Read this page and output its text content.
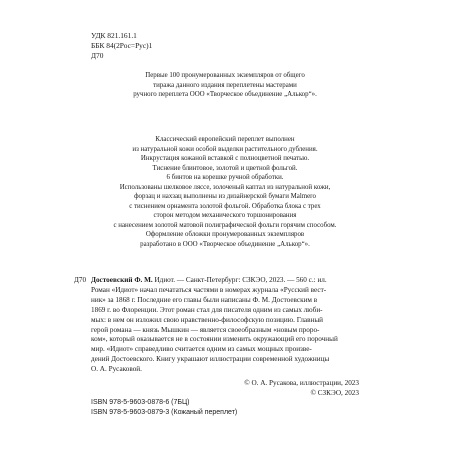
УДК 821.161.1
ББК 84(2Рос=Рус)1
Д70
Первые 100 пронумерованных экземпляров от общего
тиража данного издания переплетены мастерами
ручного переплета ООО «Творческое объединение „Алькор“».
Классический европейский переплет выполнен
из натуральной кожи особой выделки растительного дубления.
Инкрустация кожаной вставкой с полноцветной печатью.
Тиснение блинтовое, золотой и цветной фольгой.
6 бинтов на корешке ручной обработки.
Использованы шелковое ляссе, золоченый каптал из натуральной кожи,
форзац и нахзац выполнены из дизайнерской бумаги Malmero
с тиснением орнамента золотой фольгой. Обработка блока с трех
сторон методом механического торшонирования
с нанесением золотой матовой полиграфической фольги горячим способом.
Оформление обложки пронумерованных экземпляров
разработано в ООО «Творческое объединение „Алькор“».
Д70 Достоевский Ф. М. Идиот. — Санкт-Петербург: СЗКЭО, 2023. — 560 с.: ил.
Роман «Идиот» начал печататься частями в номерах журнала «Русский вест-
ник» за 1868 г. Последние его главы были написаны Ф. М. Достоевским в
1869 г. во Флоренции. Этот роман стал для писателя одним из самых люби-
мых: в нем он изложил свою нравственно-философскую позицию. Главный
герой романа — князь Мышкин — является своеобразным «новым проро-
ком», который оказывается не в состоянии изменить окружающий его порочный
мир. «Идиот» справедливо считается одним из самых мощных произве-
дений Достоевского. Книгу украшают иллюстрации современной художницы
О. А. Русаковой.
© О. А. Русакова, иллюстрации, 2023
© СЗКЭО, 2023
ISBN 978-5-9603-0878-6 (7БЦ)
ISBN 978-5-9603-0879-3 (Кожаный переплет)
